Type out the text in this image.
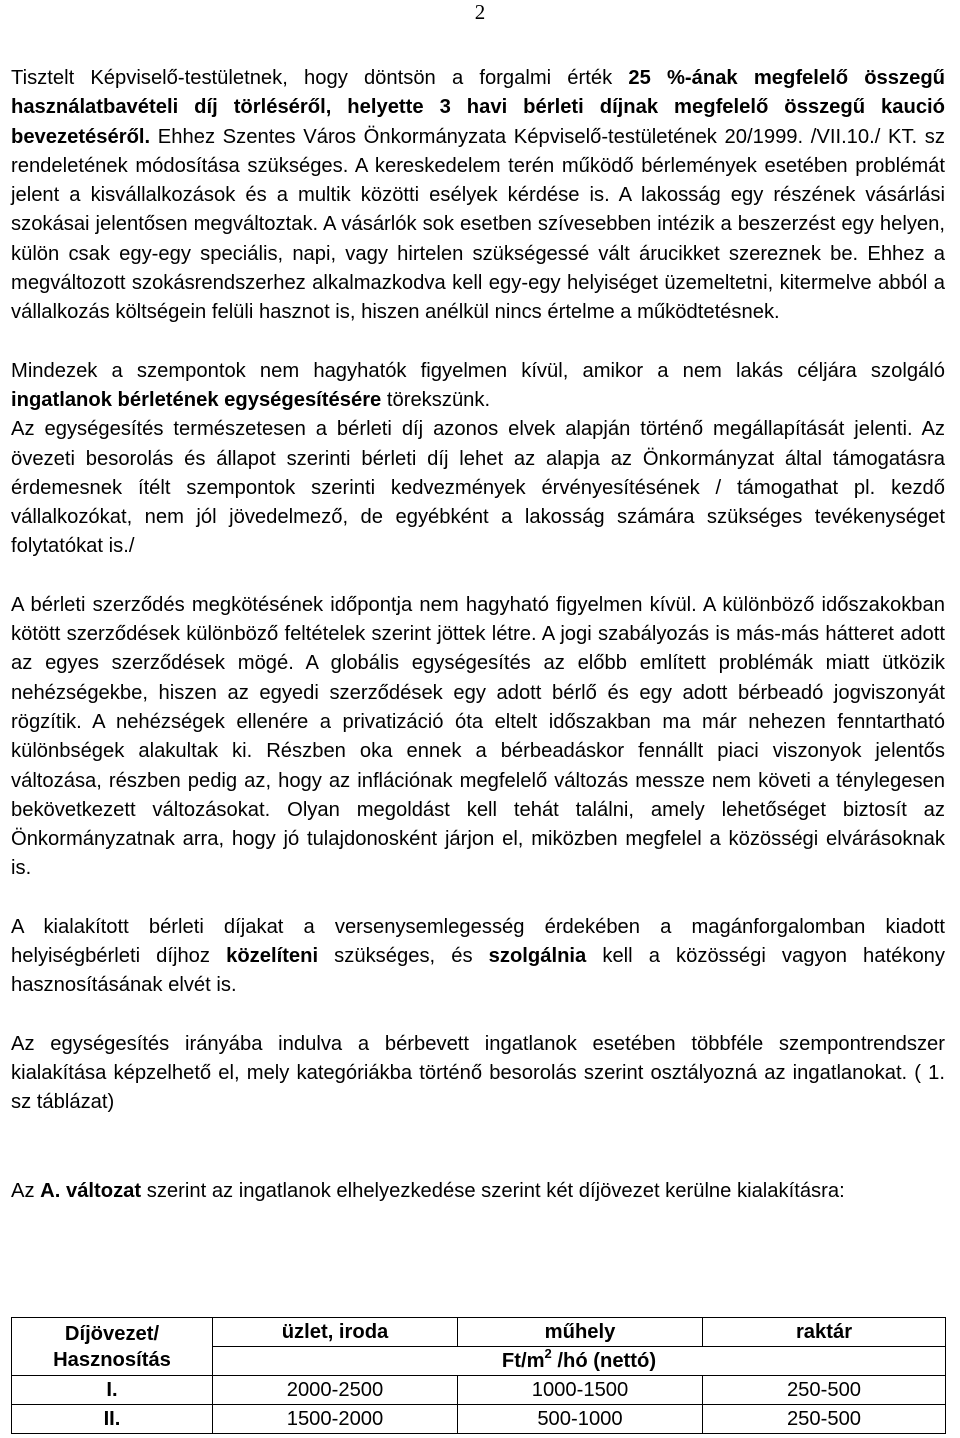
2

Tisztelt Képviselő-testületnek, hogy döntsön a forgalmi érték 25 %-ának megfelelő összegű használatbavételi díj törléséről, helyette 3 havi bérleti díjnak megfelelő összegű kaució bevezetéséről. Ehhez Szentes Város Önkormányzata Képviselő-testületének 20/1999. /VII.10./ KT. sz rendeletének módosítása szükséges. A kereskedelem terén működő bérlemények esetében problémát jelent a kisvállalkozások és a multik közötti esélyek kérdése is. A lakosság egy részének vásárlási szokásai jelentősen megváltoztak. A vásárlók sok esetben szívesebben intézik a beszerzést egy helyen, külön csak egy-egy speciális, napi, vagy hirtelen szükségessé vált árucikket szereznek be. Ehhez a megváltozott szokásrendszerhez alkalmazkodva kell egy-egy helyiséget üzemeltetni, kitermelve abból a vállalkozás költségein felüli hasznot is, hiszen anélkül nincs értelme a működtetésnek.

Mindezek a szempontok nem hagyhatók figyelmen kívül, amikor a nem lakás céljára szolgáló ingatlanok bérletének egységesítésére törekszünk.

Az egységesítés természetesen a bérleti díj azonos elvek alapján történő megállapítását jelenti. Az övezeti besorolás és állapot szerinti bérleti díj lehet az alapja az Önkormányzat által támogatásra érdemesnek ítélt szempontok szerinti kedvezmények érvényesítésének / támogathat pl. kezdő vállalkozókat, nem jól jövedelmező, de egyébként a lakosság számára szükséges tevékenységet folytatókat is./

A bérleti szerződés megkötésének időpontja nem hagyható figyelmen kívül. A különböző időszakokban kötött szerződések különböző feltételek szerint jöttek létre. A jogi szabályozás is más-más hátteret adott az egyes szerződések mögé. A globális egységesítés az előbb említett problémák miatt ütközik nehézségekbe, hiszen az egyedi szerződések egy adott bérlő és egy adott bérbeadó jogviszonyát rögzítik. A nehézségek ellenére a privatizáció óta eltelt időszakban ma már nehezen fenntartható különbségek alakultak ki. Részben oka ennek a bérbeadáskor fennállt piaci viszonyok jelentős változása, részben pedig az, hogy az inflációnak megfelelő változás messze nem követi a ténylegesen bekövetkezett változásokat. Olyan megoldást kell tehát találni, amely lehetőséget biztosít az Önkormányzatnak arra, hogy jó tulajdonosként járjon el, miközben megfelel a közösségi elvárásoknak is.

A kialakított bérleti díjakat a versenysemlegesség érdekében a magánforgalomban kiadott helyiségbérleti díjhoz közelíteni szükséges, és szolgálnia kell a közösségi vagyon hatékony hasznosításának elvét is.

Az egységesítés irányába indulva a bérbevett ingatlanok esetében többféle szempontrendszer kialakítása képzelhető el, mely kategóriákba történő besorolás szerint osztályozná az ingatlanokat. ( 1. sz táblázat)

Az A. változat szerint az ingatlanok elhelyezkedése szerint két díjövezet kerülne kialakításra:

Díjövezet/
Hasznosítás	üzlet, iroda	műhely	raktár
	$Ft/m^2$ /hó (nettó)		
I.	2000-2500	1000-1500	250-500
II.	1500-2000	500-1000	250-500
